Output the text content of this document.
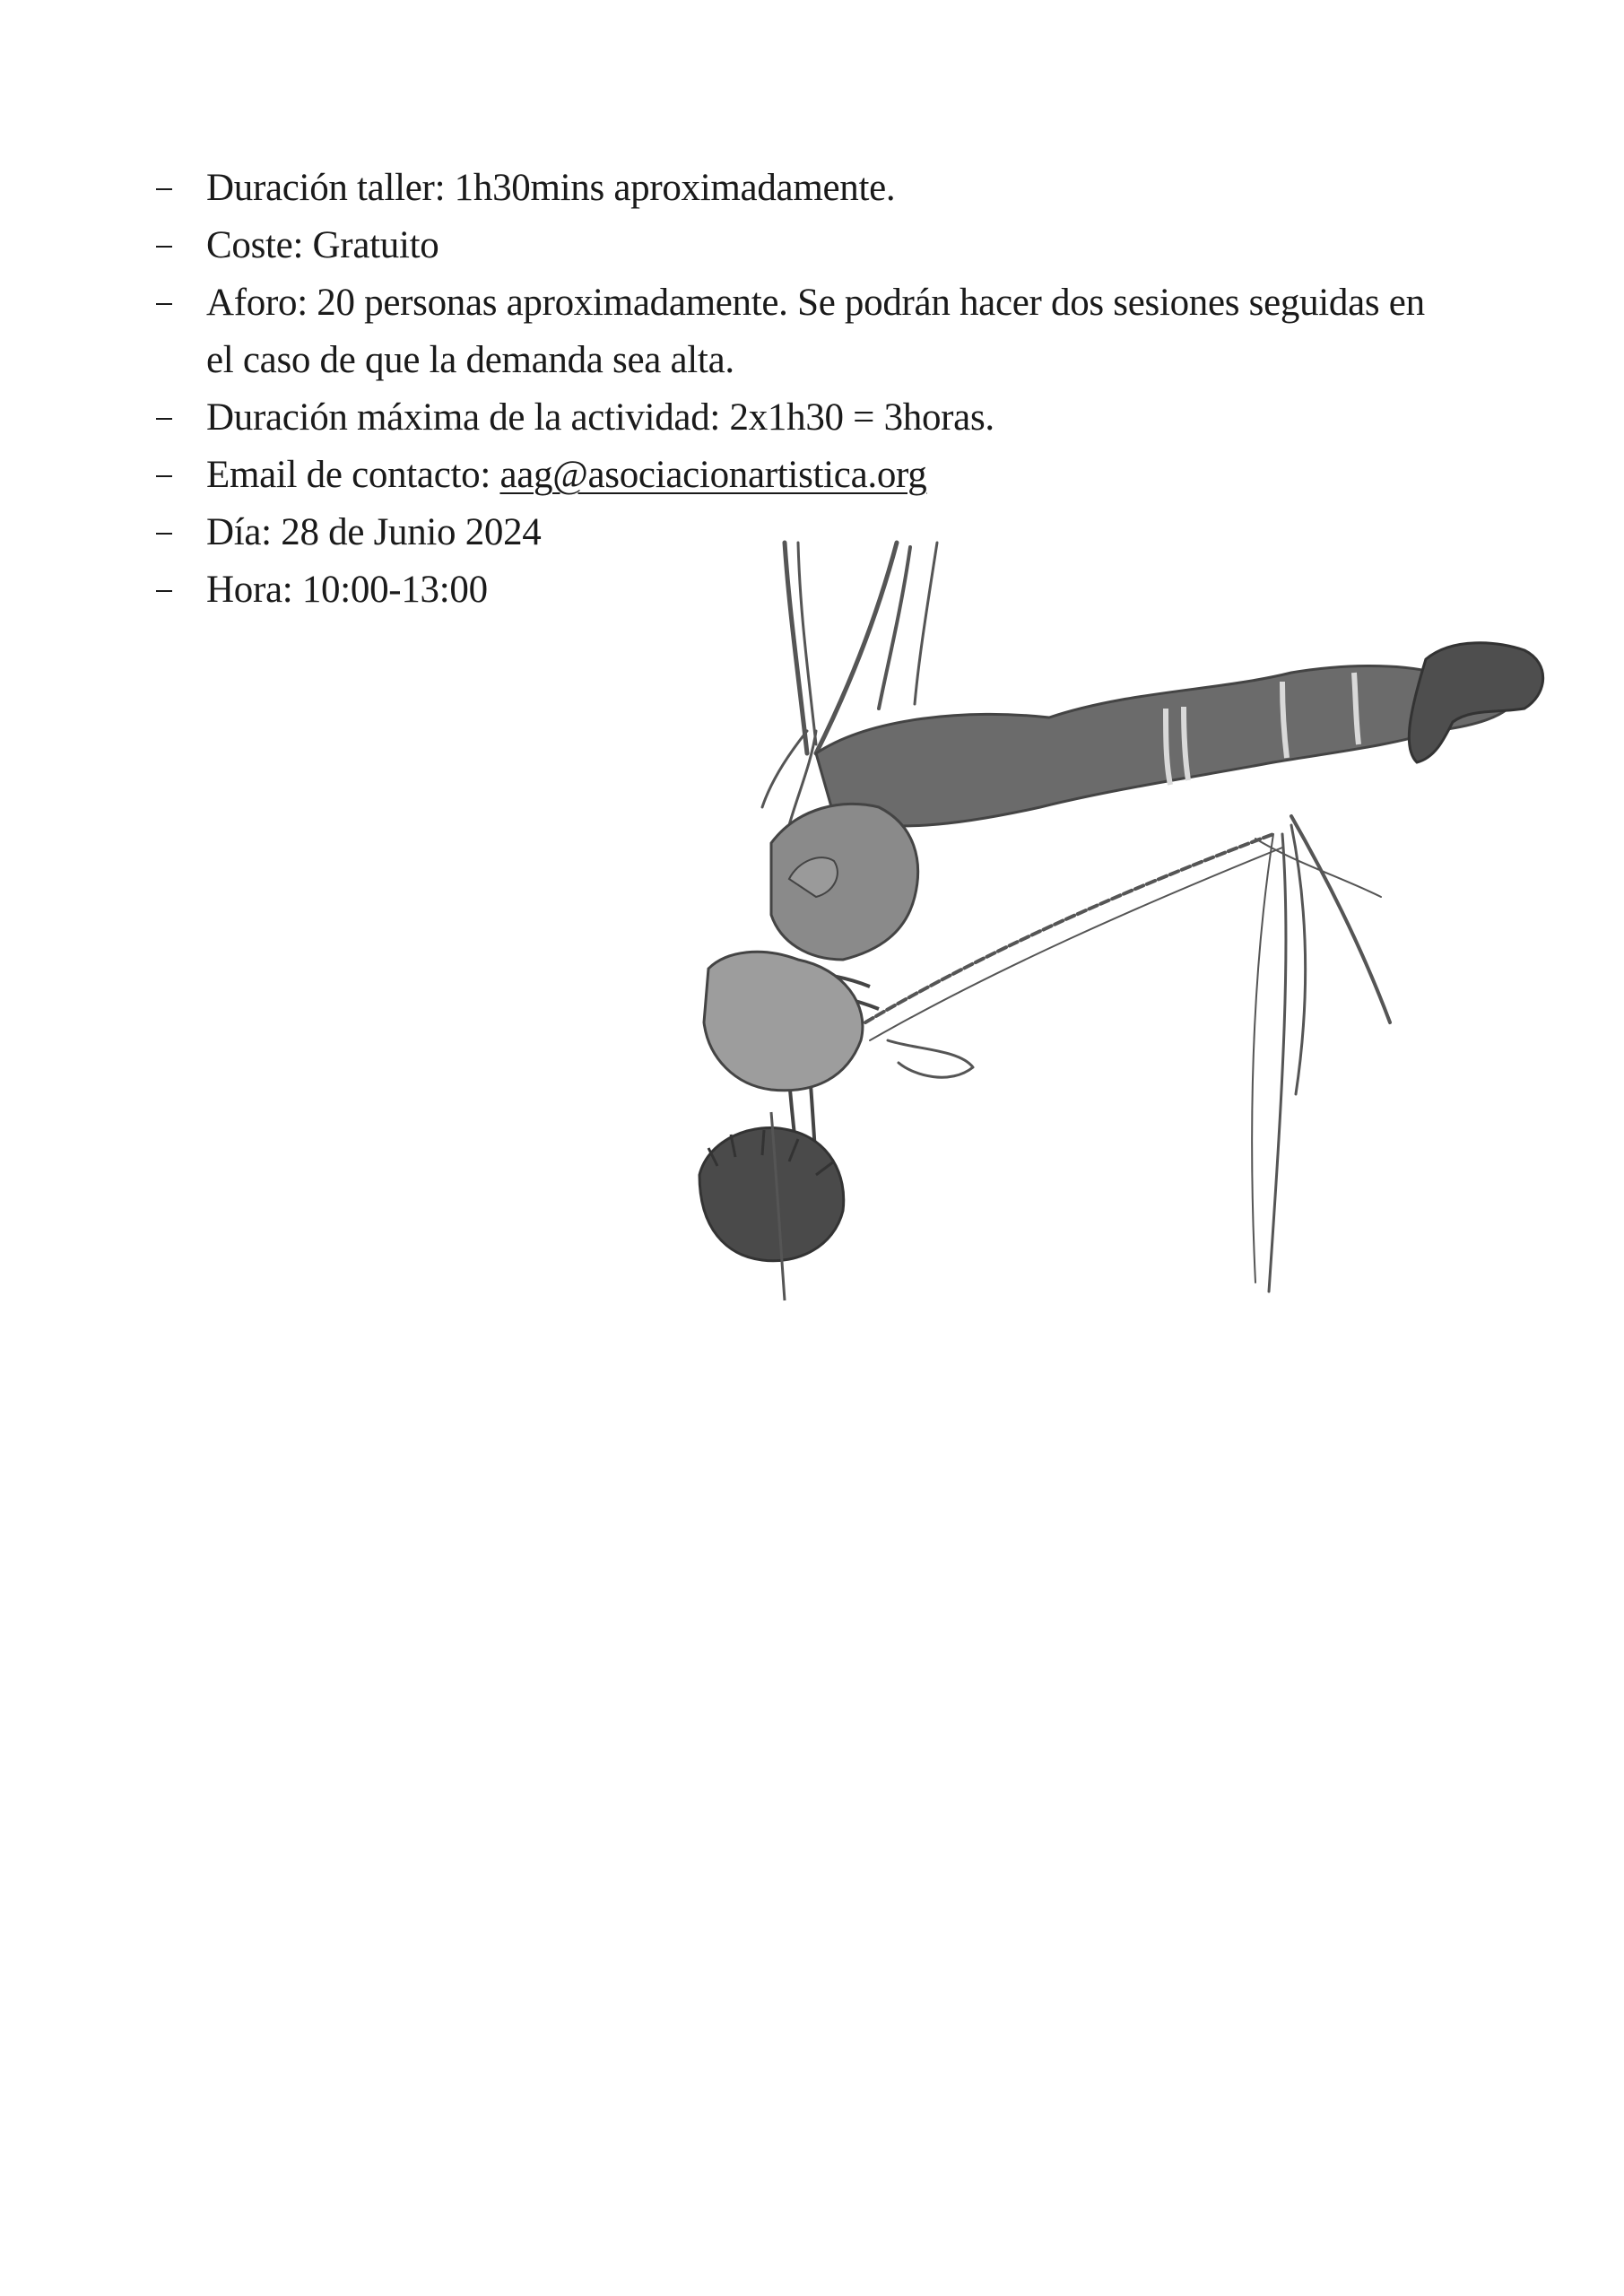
Duración taller: 1h30mins aproximadamente.
Coste: Gratuito
Aforo: 20 personas aproximadamente. Se podrán hacer dos sesiones seguidas en el caso de que la demanda sea alta.
Duración máxima de la actividad: 2x1h30 = 3horas.
Email de contacto: aag@asociacionartistica.org
Día: 28 de Junio 2024
Hora: 10:00-13:00
